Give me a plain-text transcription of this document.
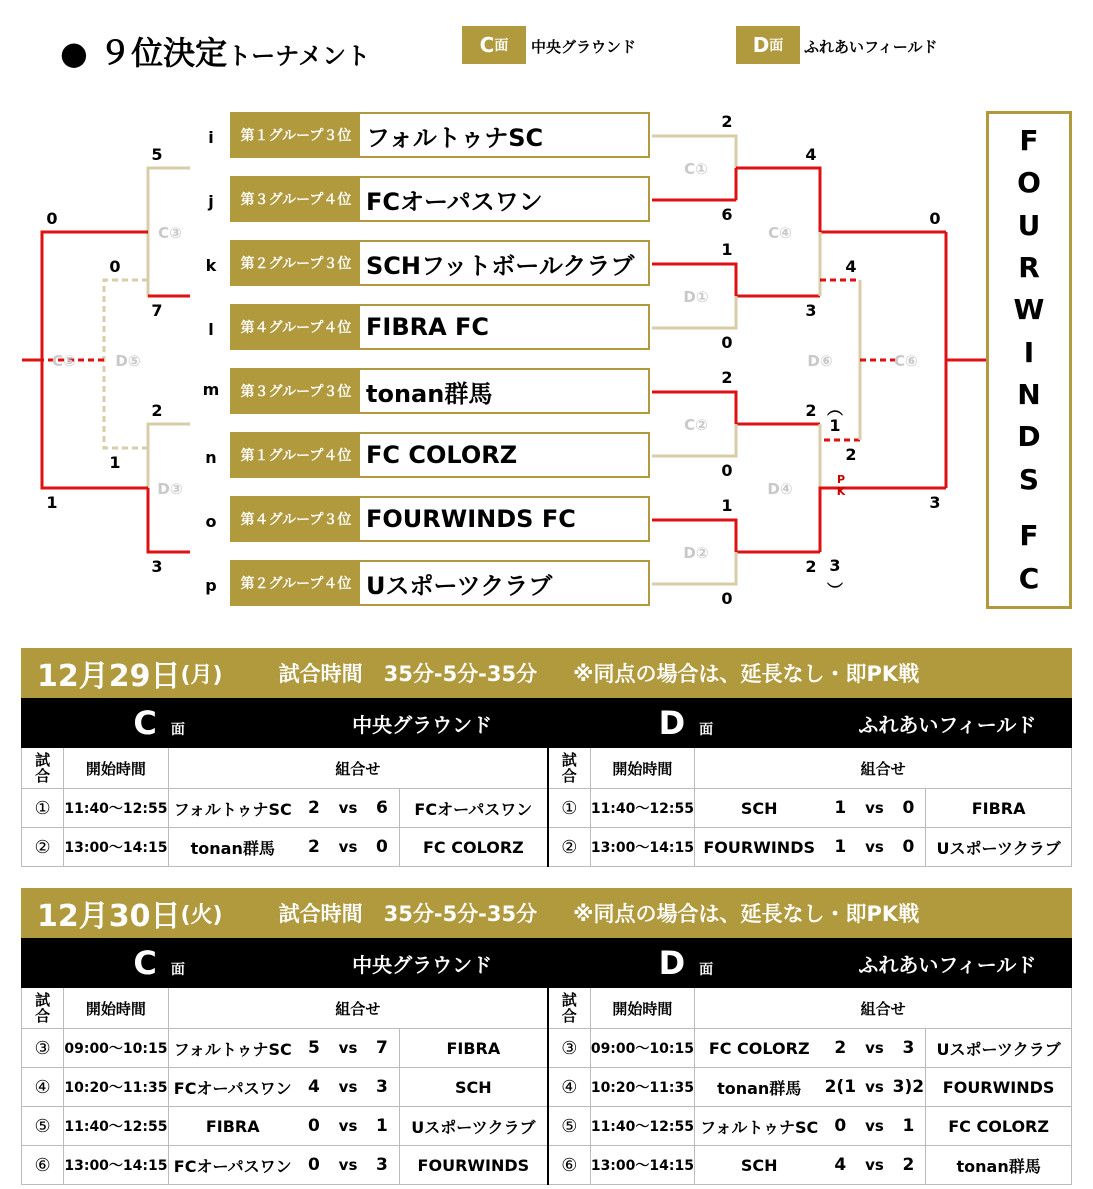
● ９位決定トーナメント	C 面 中央グラウンド	D 面 ふれあいフィールド
i	第１グループ３位 フォルトゥナSC
j	第３グループ４位 FCオーパスワン
k	第２グループ３位 SCHフットボールクラブ
l	第４グループ４位 FIBRA FC
m	第３グループ３位 tonan群馬
n	第１グループ４位 FC COLORZ
o	第４グループ３位 FOURWINDS FC
p	第２グループ４位 Uスポーツクラブ
C①
D①
C②
D②
C④
D④
D⑥	C⑥
C③
D③
D⑤
C⑤
2
6
1
0
2
0
1
0
4
3
2
2
︵
1
P K
3
︶
4
2
0
3
5
7
2
3
0
1
0
1
F
O
U
R
W
I
N
D
S
F
C
12月29日 (月)	試合時間　35分-5分-35分 ※同点の場合は、延長なし・即PK戦
C 面			中央グラウンド				D 面			ふれあいフィールド			
試
合	開始時間	組合せ					試
合	開始時間	組合せ				
①	11:40～12:55	フォルトゥナSC	2	vs	6	FCオーパスワン	①	11:40～12:55	SCH	1	vs	0	FIBRA
②	13:00～14:15	tonan群馬	2	vs	0	FC COLORZ	②	13:00～14:15	FOURWINDS	1	vs	0	Uスポーツクラブ
12月30日 (火)	試合時間　35分-5分-35分 ※同点の場合は、延長なし・即PK戦
C 面			中央グラウンド				D 面			ふれあいフィールド			
試
合	開始時間	組合せ					試
合	開始時間	組合せ				
③	09:00～10:15	フォルトゥナSC	5	vs	7	FIBRA	③	09:00～10:15	FC COLORZ	2	vs	3	Uスポーツクラブ
④	10:20～11:35	FCオーパスワン	4	vs	3	SCH	④	10:20～11:35	tonan群馬	2(1	vs	3)2	FOURWINDS
⑤	11:40～12:55	FIBRA	0	vs	1	Uスポーツクラブ	⑤	11:40～12:55	フォルトゥナSC	0	vs	1	FC COLORZ
⑥	13:00～14:15	FCオーパスワン	0	vs	3	FOURWINDS	⑥	13:00～14:15	SCH	4	vs	2	tonan群馬
